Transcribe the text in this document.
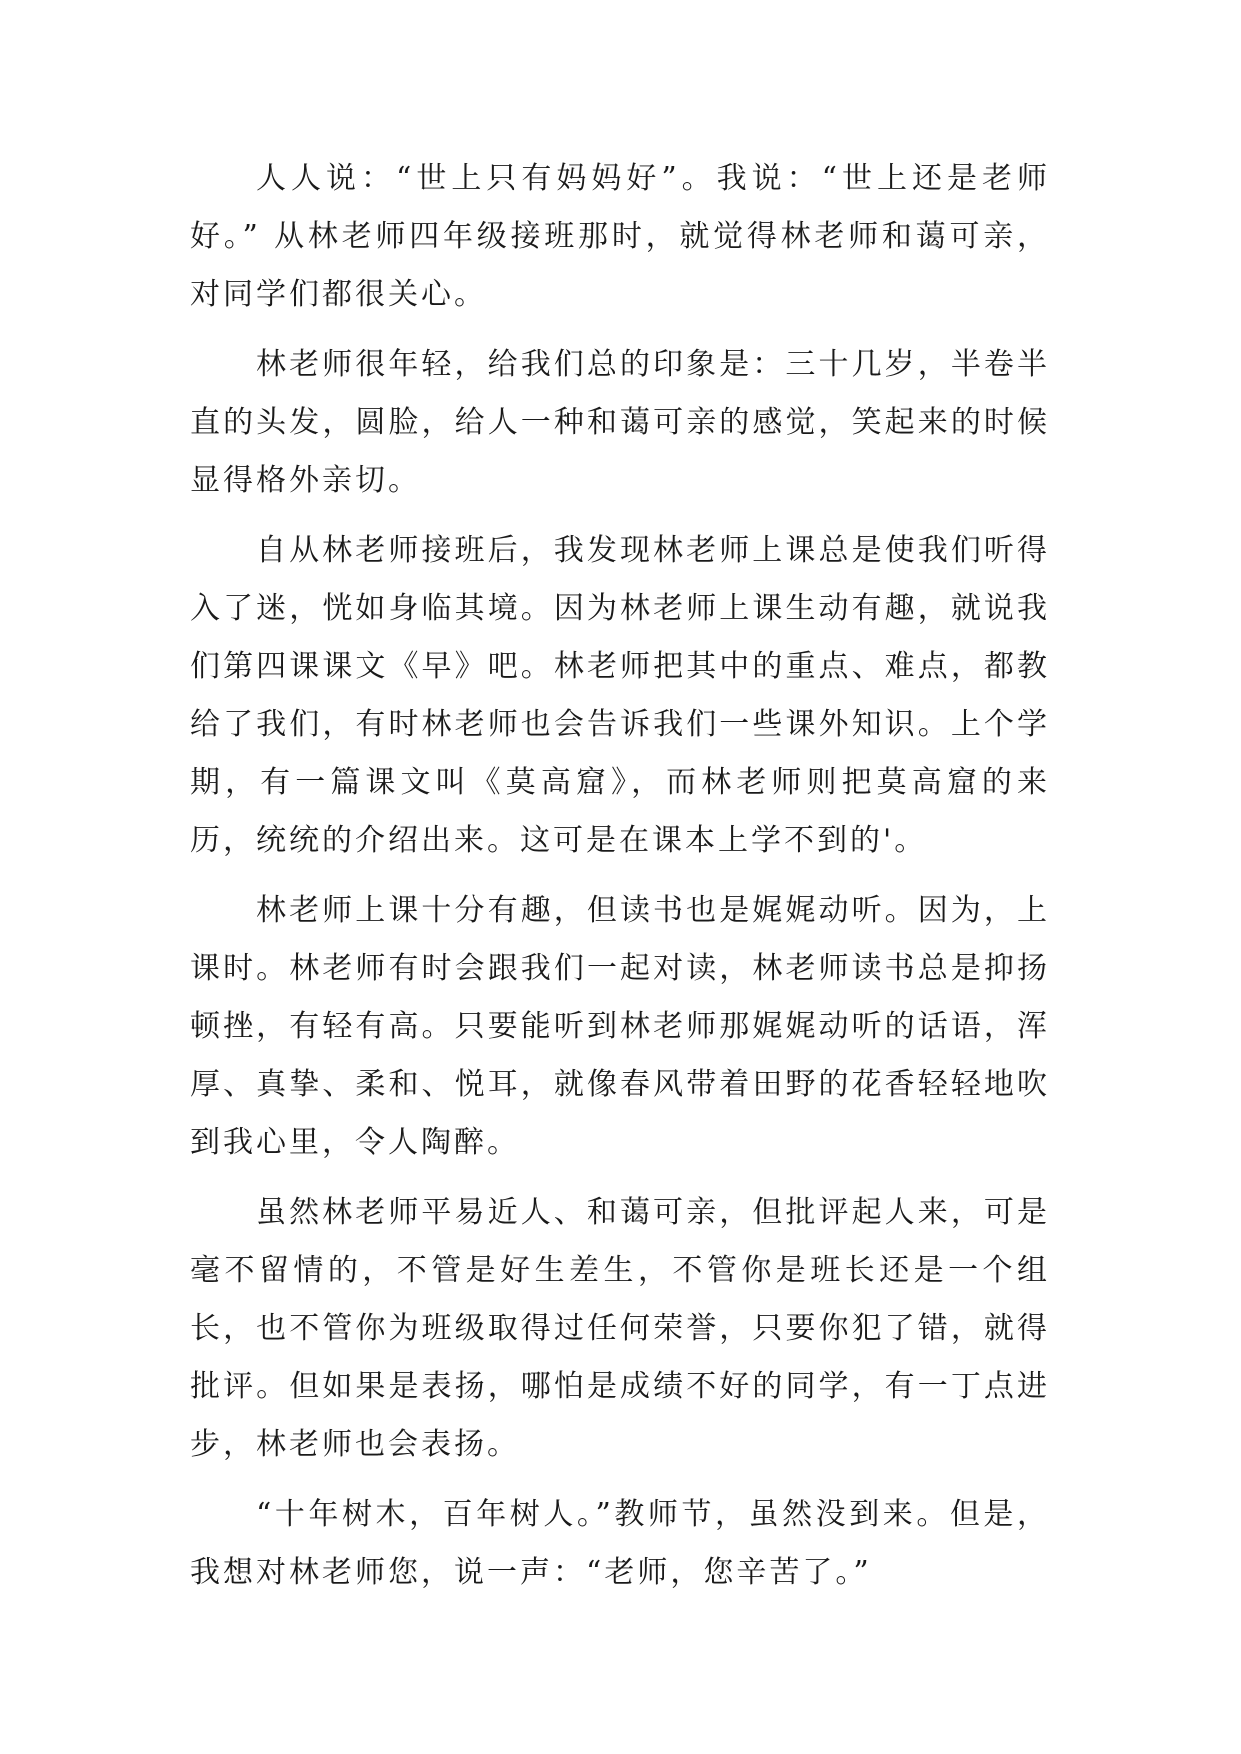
人人说：“世上只有妈妈好”。我说：“世上还是老师好。” 从林老师四年级接班那时，就觉得林老师和蔼可亲，对同学们都很关心。

林老师很年轻，给我们总的印象是：三十几岁，半卷半直的头发，圆脸，给人一种和蔼可亲的感觉，笑起来的时候显得格外亲切。

自从林老师接班后，我发现林老师上课总是使我们听得入了迷，恍如身临其境。因为林老师上课生动有趣，就说我们第四课课文《早》吧。林老师把其中的重点、难点，都教给了我们，有时林老师也会告诉我们一些课外知识。上个学期，有一篇课文叫《莫高窟》，而林老师则把莫高窟的来历，统统的介绍出来。这可是在课本上学不到的'。

林老师上课十分有趣，但读书也是娓娓动听。因为，上课时。林老师有时会跟我们一起对读，林老师读书总是抑扬顿挫，有轻有高。只要能听到林老师那娓娓动听的话语，浑厚、真挚、柔和、悦耳，就像春风带着田野的花香轻轻地吹到我心里，令人陶醉。

虽然林老师平易近人、和蔼可亲，但批评起人来，可是毫不留情的，不管是好生差生，不管你是班长还是一个组长，也不管你为班级取得过任何荣誉，只要你犯了错，就得批评。但如果是表扬，哪怕是成绩不好的同学，有一丁点进步，林老师也会表扬。

“十年树木，百年树人。”教师节，虽然没到来。但是，我想对林老师您，说一声：“老师，您辛苦了。”
